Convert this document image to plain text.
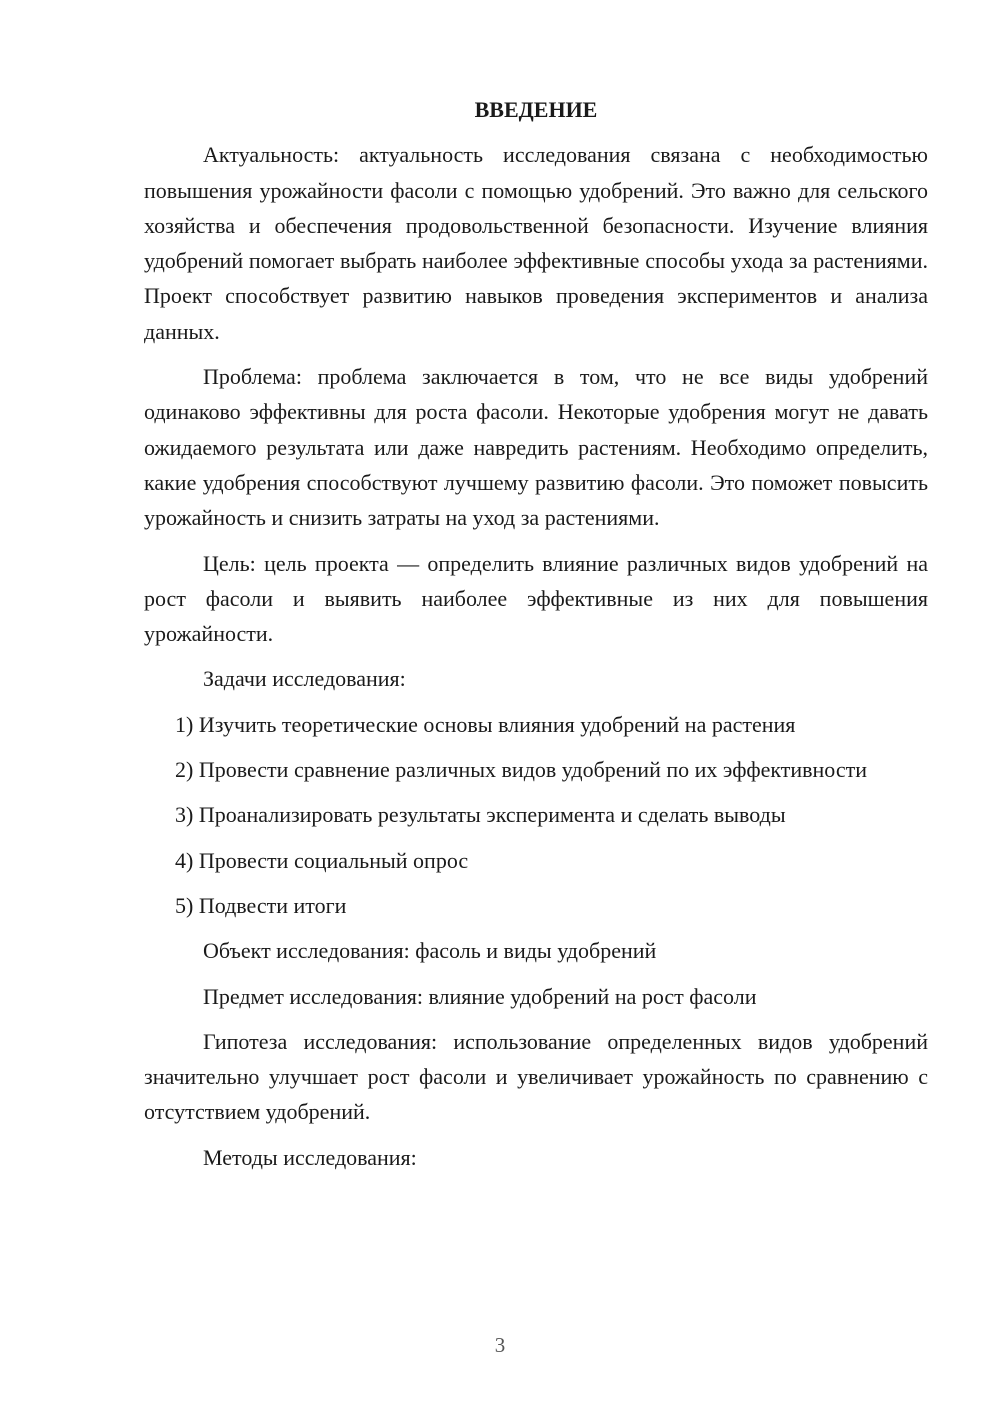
ВВЕДЕНИЕ

Актуальность: актуальность исследования связана с необходимостью повышения урожайности фасоли с помощью удобрений. Это важно для сельского хозяйства и обеспечения продовольственной безопасности. Изучение влияния удобрений помогает выбрать наиболее эффективные способы ухода за растениями. Проект способствует развитию навыков проведения экспериментов и анализа данных.

Проблема: проблема заключается в том, что не все виды удобрений одинаково эффективны для роста фасоли. Некоторые удобрения могут не давать ожидаемого результата или даже навредить растениям. Необходимо определить, какие удобрения способствуют лучшему развитию фасоли. Это поможет повысить урожайность и снизить затраты на уход за растениями.

Цель: цель проекта — определить влияние различных видов удобрений на рост фасоли и выявить наиболее эффективные из них для повышения урожайности.

Задачи исследования:

1) Изучить теоретические основы влияния удобрений на растения

2) Провести сравнение различных видов удобрений по их эффективности

3) Проанализировать результаты эксперимента и сделать выводы

4) Провести социальный опрос

5) Подвести итоги

Объект исследования: фасоль и виды удобрений

Предмет исследования: влияние удобрений на рост фасоли

Гипотеза исследования: использование определенных видов удобрений значительно улучшает рост фасоли и увеличивает урожайность по сравнению с отсутствием удобрений.

Методы исследования:

3
